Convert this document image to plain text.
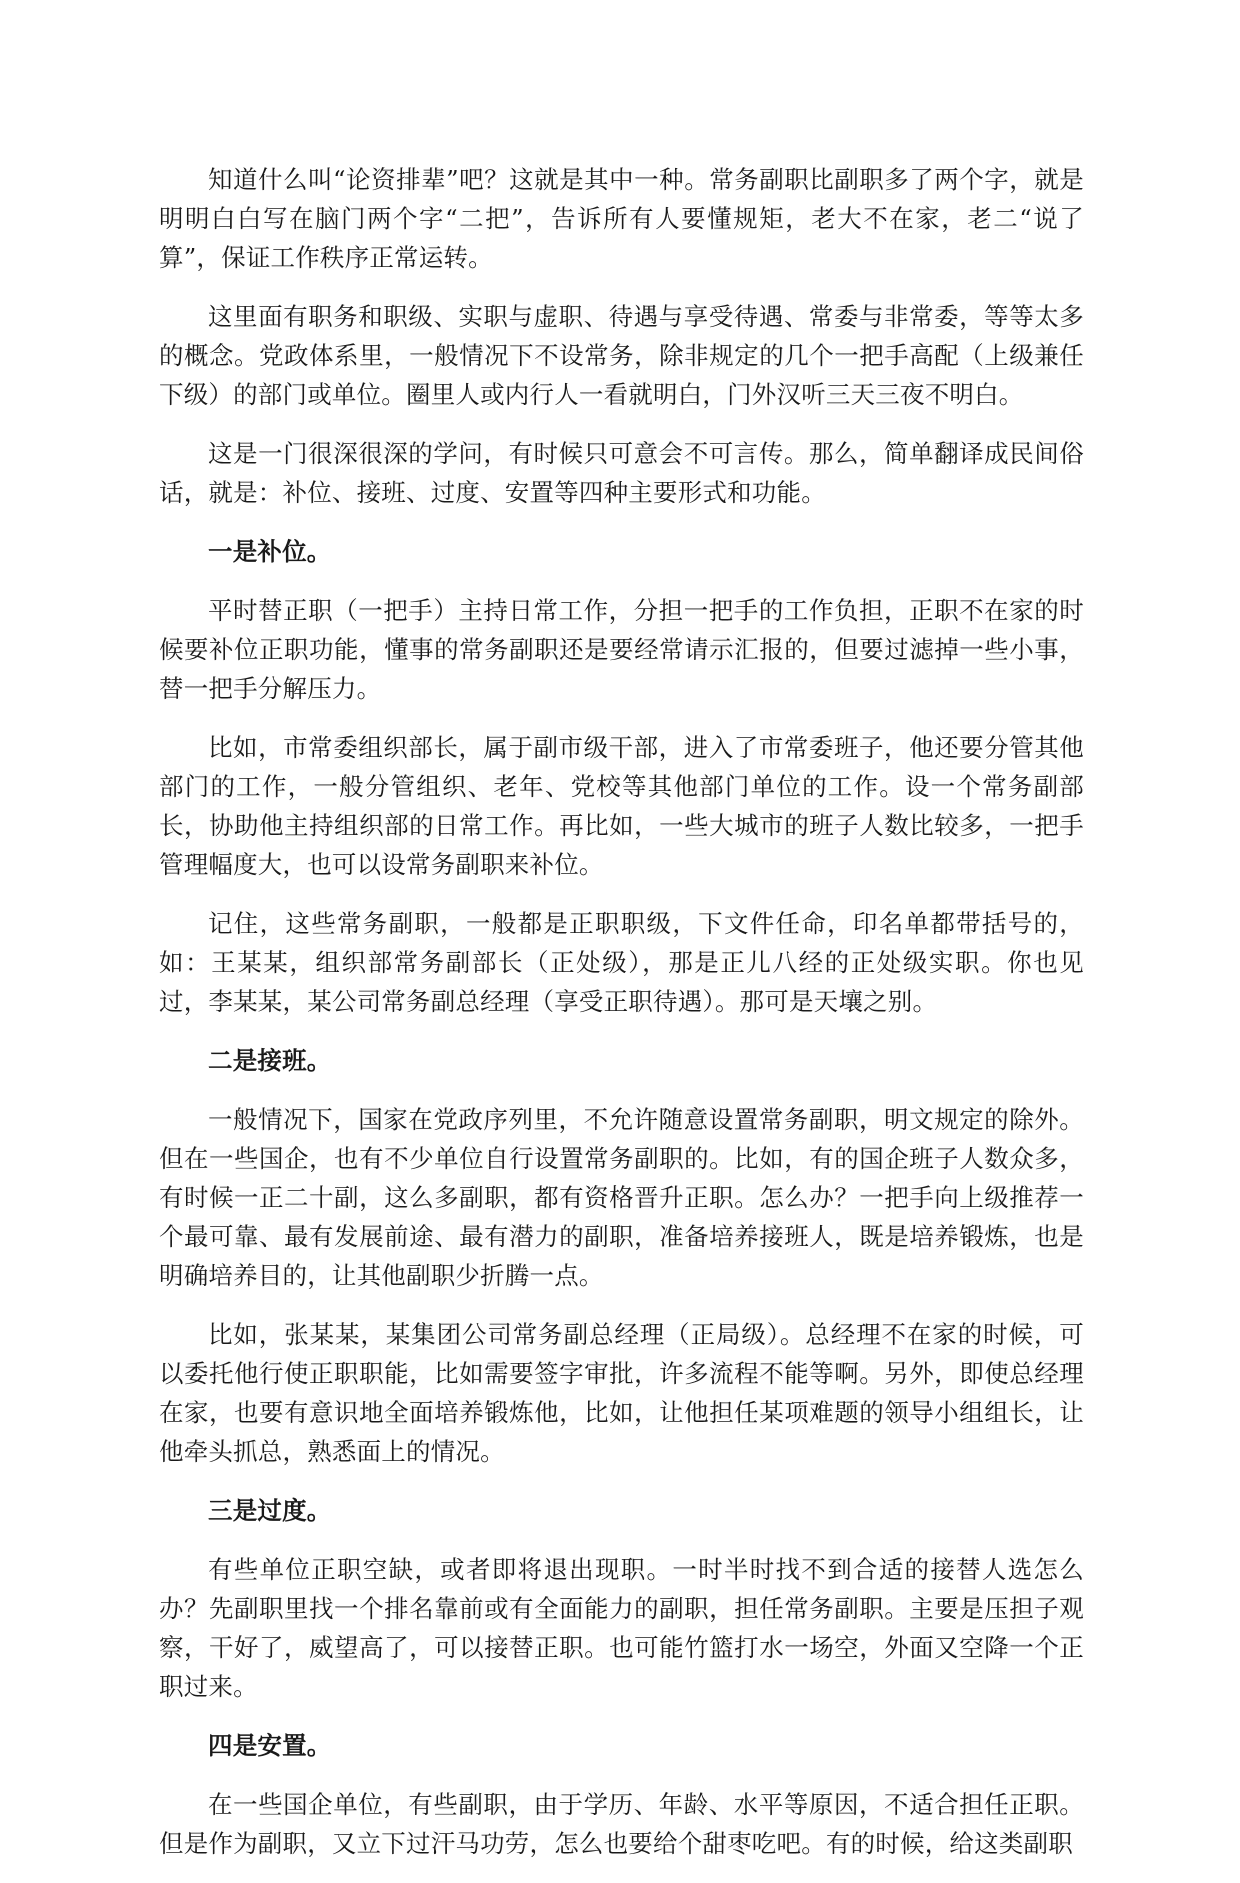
知道什么叫“论资排辈”吧？这就是其中一种。常务副职比副职多了两个字，就是明明白白写在脑门两个字“二把”，告诉所有人要懂规矩，老大不在家，老二“说了算”，保证工作秩序正常运转。

这里面有职务和职级、实职与虚职、待遇与享受待遇、常委与非常委，等等太多的概念。党政体系里，一般情况下不设常务，除非规定的几个一把手高配（上级兼任下级）的部门或单位。圈里人或内行人一看就明白，门外汉听三天三夜不明白。

这是一门很深很深的学问，有时候只可意会不可言传。那么，简单翻译成民间俗话，就是：补位、接班、过度、安置等四种主要形式和功能。

一是补位。

平时替正职（一把手）主持日常工作，分担一把手的工作负担，正职不在家的时候要补位正职功能，懂事的常务副职还是要经常请示汇报的，但要过滤掉一些小事，替一把手分解压力。

比如，市常委组织部长，属于副市级干部，进入了市常委班子，他还要分管其他部门的工作，一般分管组织、老年、党校等其他部门单位的工作。设一个常务副部长，协助他主持组织部的日常工作。再比如，一些大城市的班子人数比较多，一把手管理幅度大，也可以设常务副职来补位。

记住，这些常务副职，一般都是正职职级，下文件任命，印名单都带括号的，如：王某某，组织部常务副部长（正处级），那是正儿八经的正处级实职。你也见过，李某某，某公司常务副总经理（享受正职待遇）。那可是天壤之别。

二是接班。

一般情况下，国家在党政序列里，不允许随意设置常务副职，明文规定的除外。但在一些国企，也有不少单位自行设置常务副职的。比如，有的国企班子人数众多，有时候一正二十副，这么多副职，都有资格晋升正职。怎么办？一把手向上级推荐一个最可靠、最有发展前途、最有潜力的副职，准备培养接班人，既是培养锻炼，也是明确培养目的，让其他副职少折腾一点。

比如，张某某，某集团公司常务副总经理（正局级）。总经理不在家的时候，可以委托他行使正职职能，比如需要签字审批，许多流程不能等啊。另外，即使总经理在家，也要有意识地全面培养锻炼他，比如，让他担任某项难题的领导小组组长，让他牵头抓总，熟悉面上的情况。

三是过度。

有些单位正职空缺，或者即将退出现职。一时半时找不到合适的接替人选怎么办？先副职里找一个排名靠前或有全面能力的副职，担任常务副职。主要是压担子观察，干好了，威望高了，可以接替正职。也可能竹篮打水一场空，外面又空降一个正职过来。

四是安置。

在一些国企单位，有些副职，由于学历、年龄、水平等原因，不适合担任正职。但是作为副职，又立下过汗马功劳，怎么也要给个甜枣吃吧。有的时候，给这类副职
